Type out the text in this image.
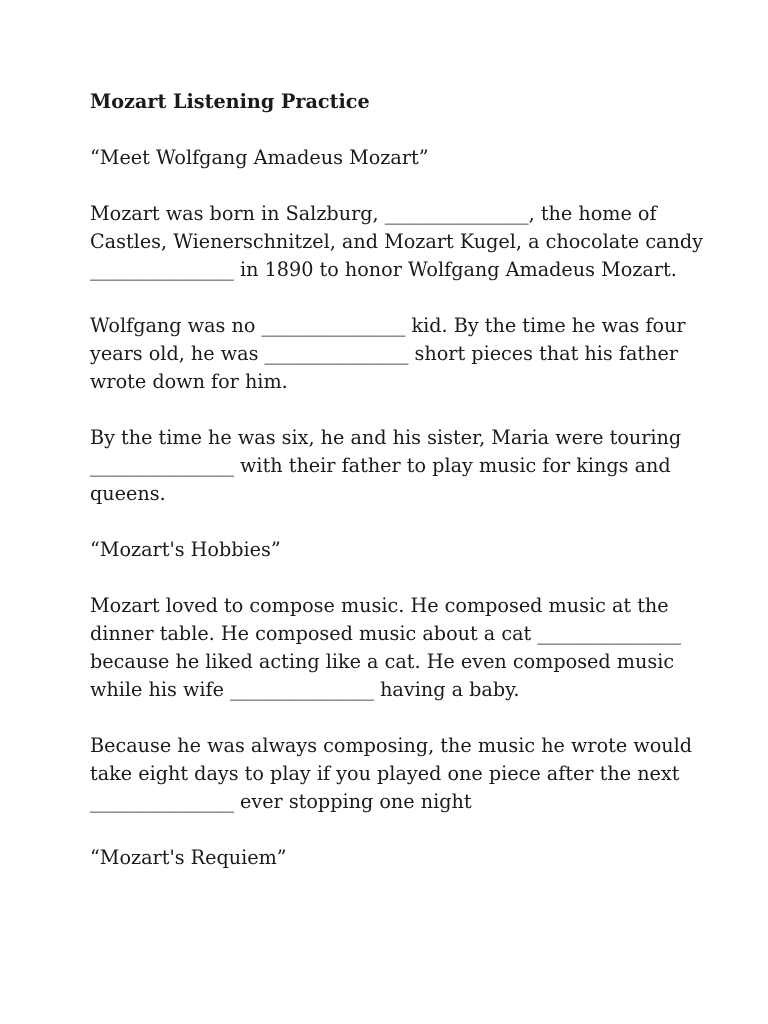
Mozart Listening Practice

“Meet Wolfgang Amadeus Mozart”

Mozart was born in Salzburg, _______________, the home of
Castles, Wienerschnitzel, and Mozart Kugel, a chocolate candy
_______________ in 1890 to honor Wolfgang Amadeus Mozart.
Wolfgang was no _______________ kid. By the time he was four
years old, he was _______________ short pieces that his father
wrote down for him.
By the time he was six, he and his sister, Maria were touring
_______________ with their father to play music for kings and
queens.

“Mozart's Hobbies”

Mozart loved to compose music. He composed music at the
dinner table. He composed music about a cat _______________
because he liked acting like a cat. He even composed music
while his wife _______________ having a baby.
Because he was always composing, the music he wrote would
take eight days to play if you played one piece after the next
_______________ ever stopping one night

“Mozart's Requiem”
